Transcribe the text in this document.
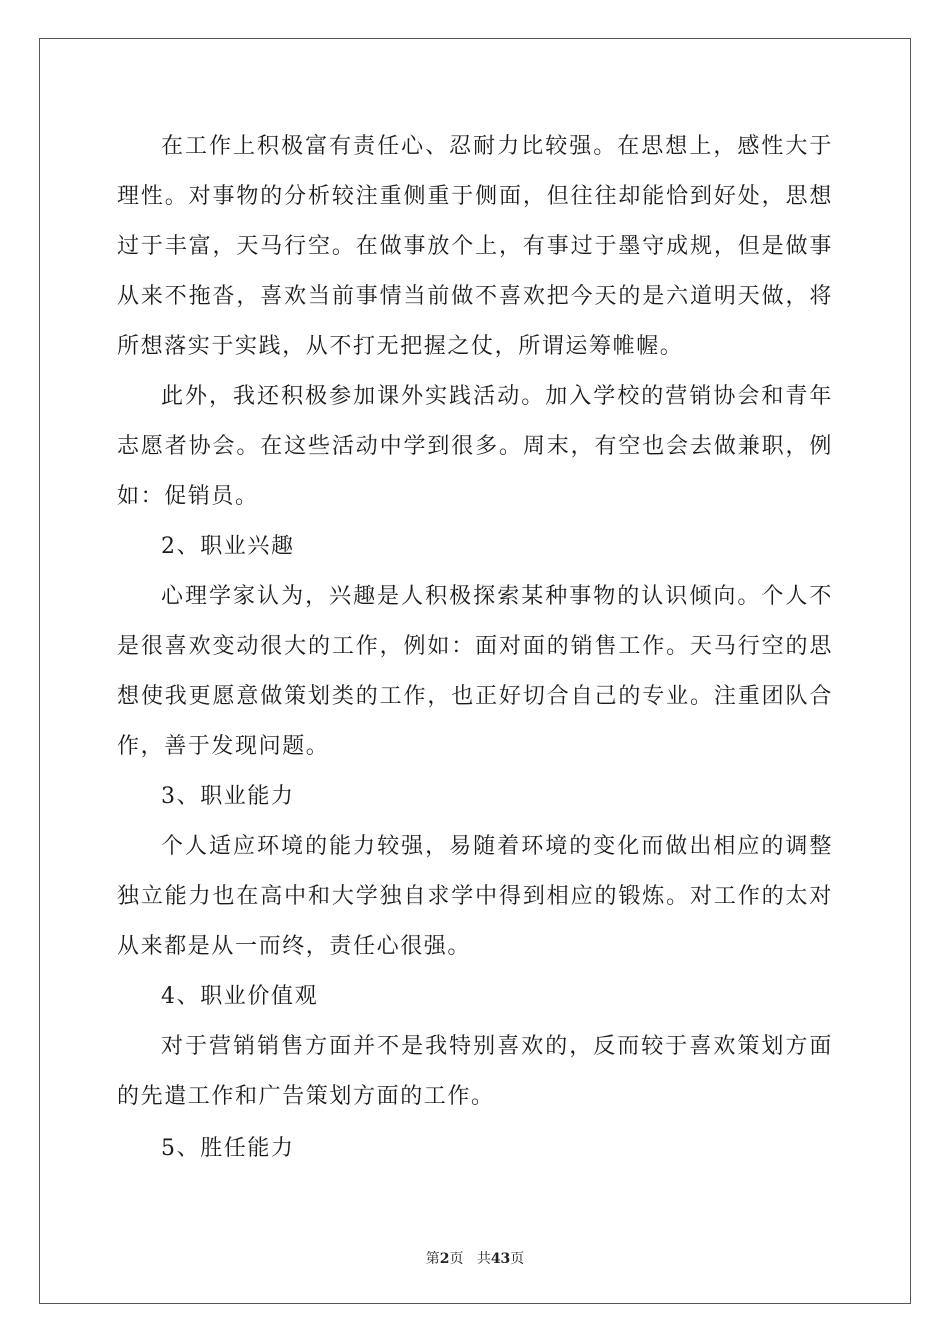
在工作上积极富有责任心、忍耐力比较强。在思想上，感性大于理性。对事物的分析较注重侧重于侧面，但往往却能恰到好处，思想过于丰富，天马行空。在做事放个上，有事过于墨守成规，但是做事从来不拖沓，喜欢当前事情当前做不喜欢把今天的是六道明天做，将所想落实于实践，从不打无把握之仗，所谓运筹帷幄。

此外，我还积极参加课外实践活动。加入学校的营销协会和青年志愿者协会。在这些活动中学到很多。周末，有空也会去做兼职，例如：促销员。

2、职业兴趣

心理学家认为，兴趣是人积极探索某种事物的认识倾向。个人不是很喜欢变动很大的工作，例如：面对面的销售工作。天马行空的思想使我更愿意做策划类的工作，也正好切合自己的专业。注重团队合作，善于发现问题。

3、职业能力

个人适应环境的能力较强，易随着环境的变化而做出相应的调整独立能力也在高中和大学独自求学中得到相应的锻炼。对工作的太对从来都是从一而终，责任心很强。

4、职业价值观

对于营销销售方面并不是我特别喜欢的，反而较于喜欢策划方面的先遣工作和广告策划方面的工作。

5、胜任能力

第2页 共43页
